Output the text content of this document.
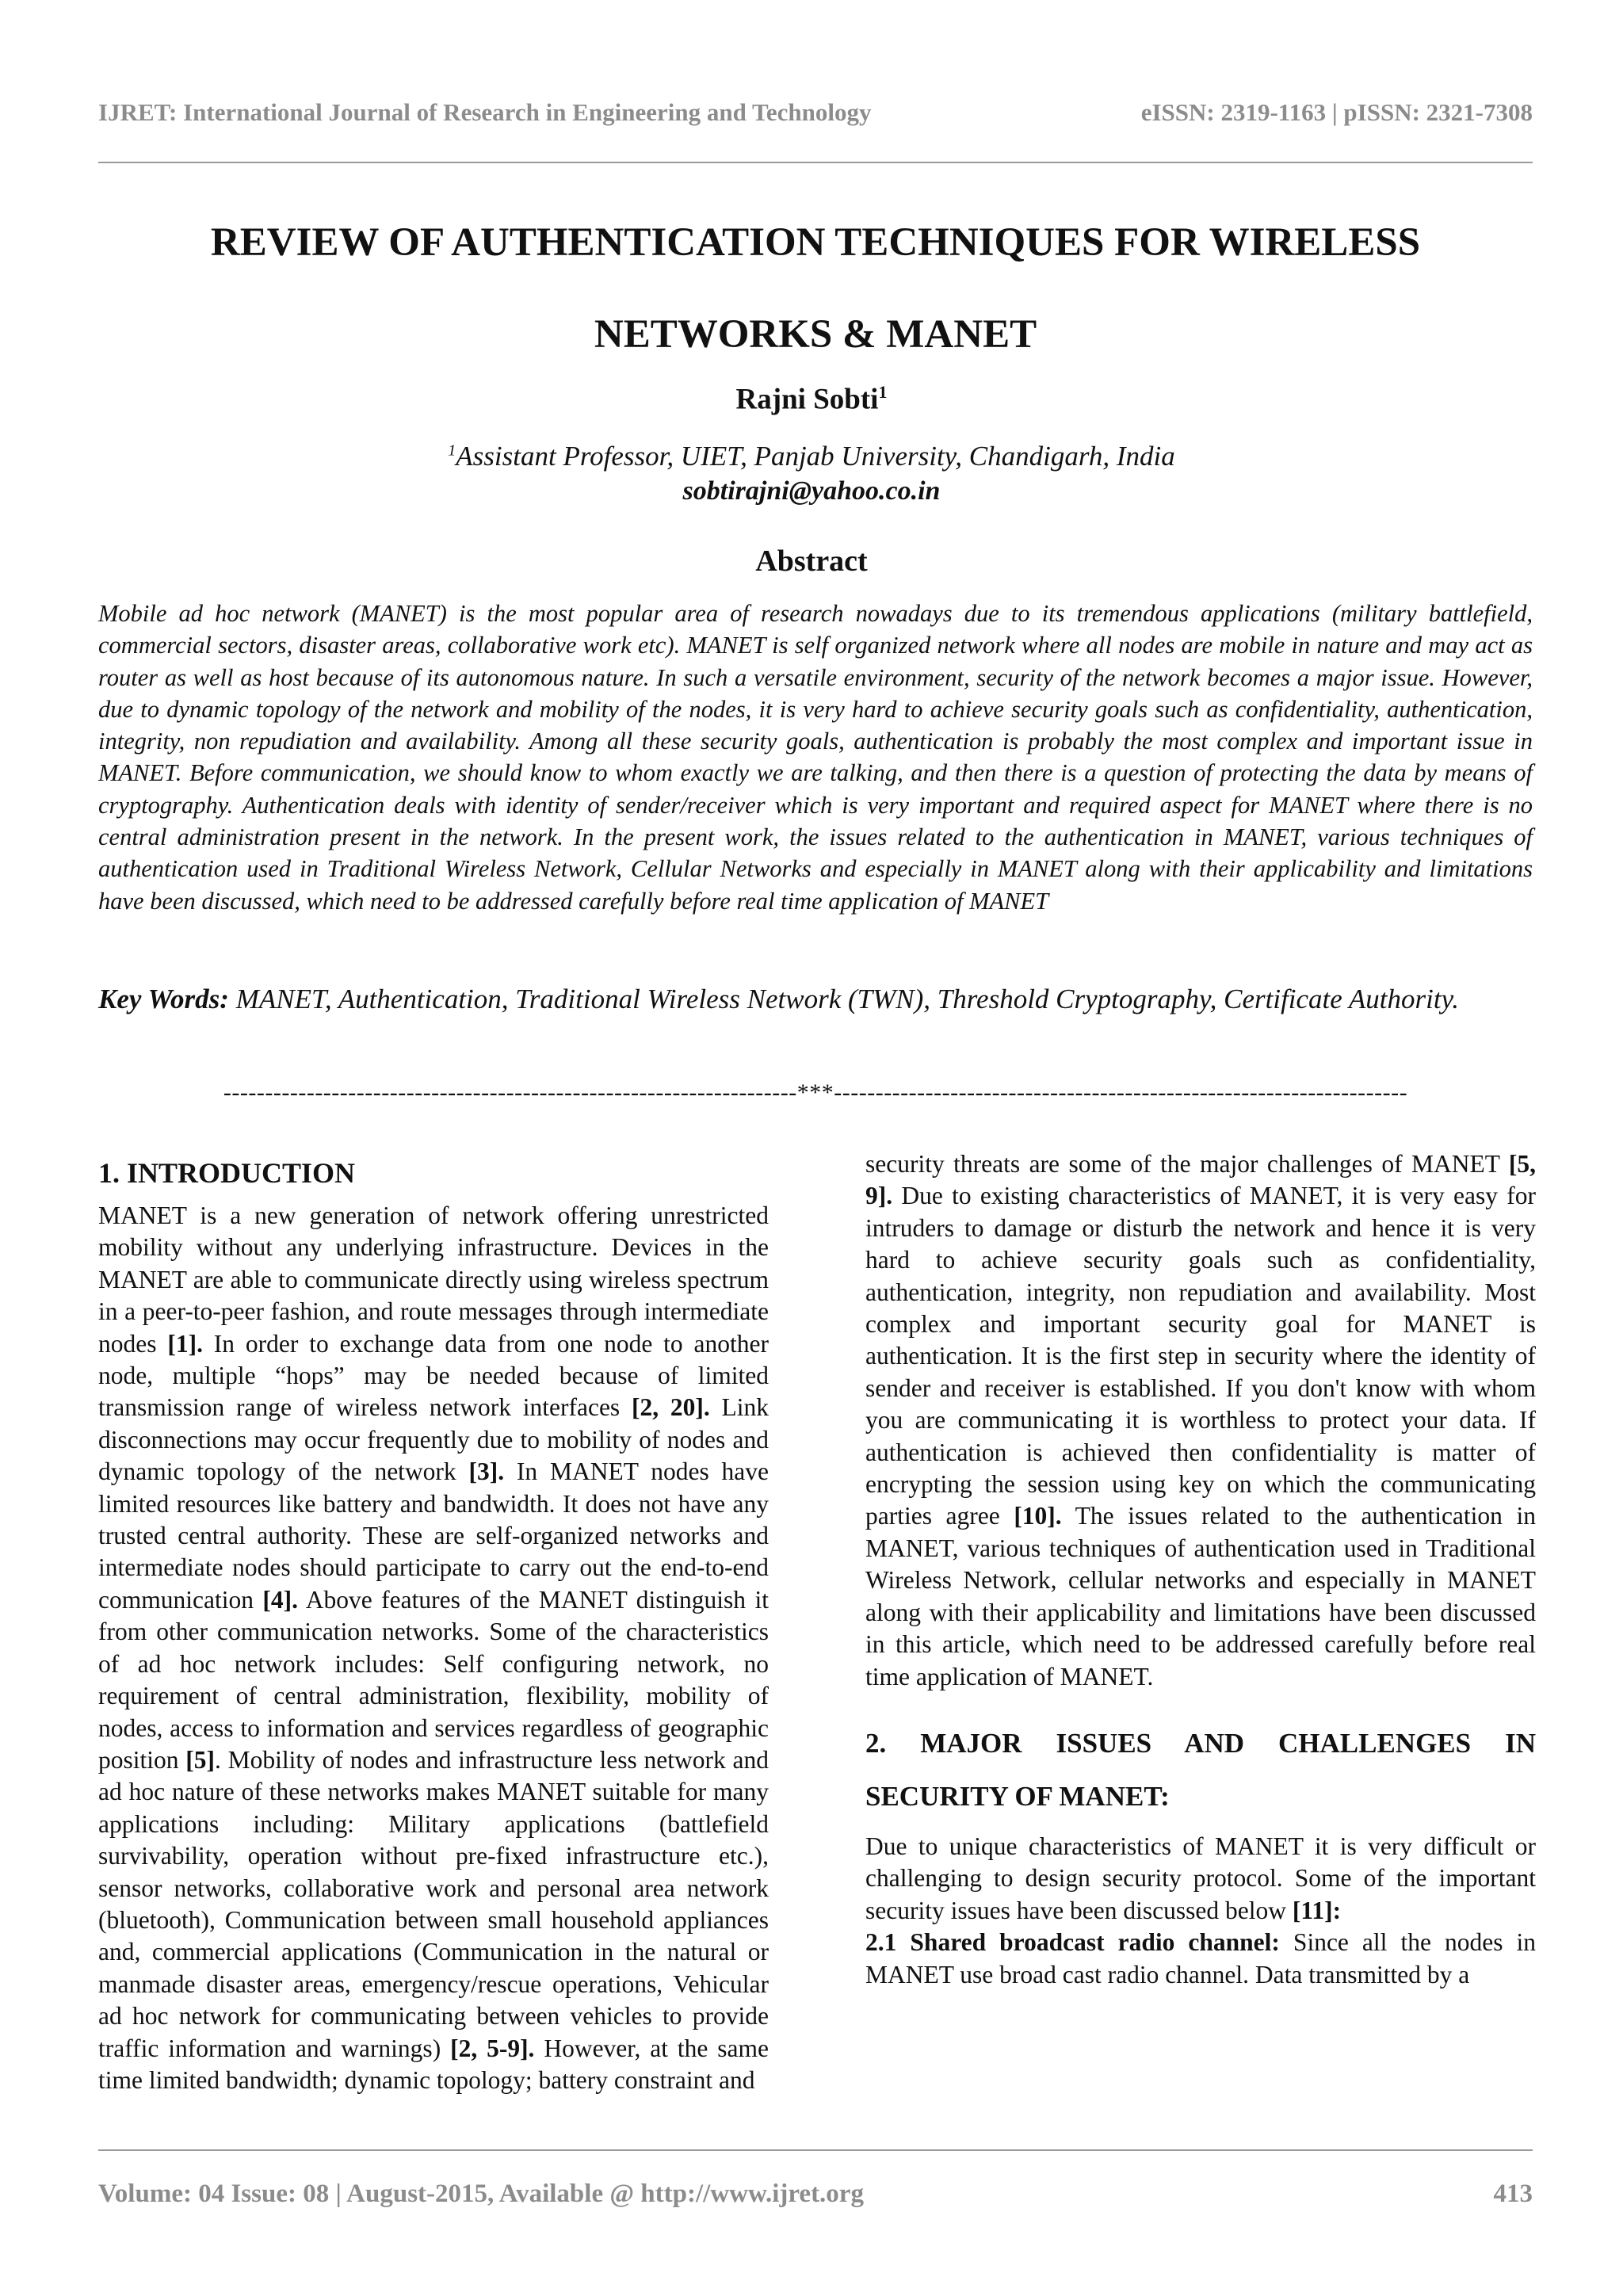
IJRET: International Journal of Research in Engineering and Technology	eISSN: 2319-1163 | pISSN: 2321-7308
REVIEW OF AUTHENTICATION TECHNIQUES FOR WIRELESS NETWORKS & MANET
Rajni Sobti$^1$
$^1$Assistant Professor, UIET, Panjab University, Chandigarh, India
sobtirajni@yahoo.co.in
Abstract
Mobile ad hoc network (MANET) is the most popular area of research nowadays due to its tremendous applications (military battlefield, commercial sectors, disaster areas, collaborative work etc). MANET is self organized network where all nodes are mobile in nature and may act as router as well as host because of its autonomous nature. In such a versatile environment, security of the network becomes a major issue. However, due to dynamic topology of the network and mobility of the nodes, it is very hard to achieve security goals such as confidentiality, authentication, integrity, non repudiation and availability. Among all these security goals, authentication is probably the most complex and important issue in MANET. Before communication, we should know to whom exactly we are talking, and then there is a question of protecting the data by means of cryptography. Authentication deals with identity of sender/receiver which is very important and required aspect for MANET where there is no central administration present in the network. In the present work, the issues related to the authentication in MANET, various techniques of authentication used in Traditional Wireless Network, Cellular Networks and especially in MANET along with their applicability and limitations have been discussed, which need to be addressed carefully before real time application of MANET
Key Words: MANET, Authentication, Traditional Wireless Network (TWN), Threshold Cryptography, Certificate Authority.
---------------------------------------------------------------------***---------------------------------------------------------------------
1. INTRODUCTION

MANET is a new generation of network offering unrestricted mobility without any underlying infrastructure. Devices in the MANET are able to communicate directly using wireless spectrum in a peer-to-peer fashion, and route messages through intermediate nodes [1]. In order to exchange data from one node to another node, multiple “hops” may be needed because of limited transmission range of wireless network interfaces [2, 20]. Link disconnections may occur frequently due to mobility of nodes and dynamic topology of the network [3]. In MANET nodes have limited resources like battery and bandwidth. It does not have any trusted central authority. These are self-organized networks and intermediate nodes should participate to carry out the end-to-end communication [4]. Above features of the MANET distinguish it from other communication networks. Some of the characteristics of ad hoc network includes: Self configuring network, no requirement of central administration, flexibility, mobility of nodes, access to information and services regardless of geographic position [5]. Mobility of nodes and infrastructure less network and ad hoc nature of these networks makes MANET suitable for many applications including: Military applications (battlefield survivability, operation without pre-fixed infrastructure etc.), sensor networks, collaborative work and personal area network (bluetooth), Communication between small household appliances and, commercial applications (Communication in the natural or manmade disaster areas, emergency/rescue operations, Vehicular ad hoc network for communicating between vehicles to provide traffic information and warnings) [2, 5-9]. However, at the same time limited bandwidth; dynamic topology; battery constraint and

security threats are some of the major challenges of MANET [5, 9]. Due to existing characteristics of MANET, it is very easy for intruders to damage or disturb the network and hence it is very hard to achieve security goals such as confidentiality, authentication, integrity, non repudiation and availability. Most complex and important security goal for MANET is authentication. It is the first step in security where the identity of sender and receiver is established. If you don't know with whom you are communicating it is worthless to protect your data. If authentication is achieved then confidentiality is matter of encrypting the session using key on which the communicating parties agree [10]. The issues related to the authentication in MANET, various techniques of authentication used in Traditional Wireless Network, cellular networks and especially in MANET along with their applicability and limitations have been discussed in this article, which need to be addressed carefully before real time application of MANET.

2. MAJOR ISSUES AND CHALLENGES IN SECURITY OF MANET:

Due to unique characteristics of MANET it is very difficult or challenging to design security protocol. Some of the important security issues have been discussed below [11]:

2.1 Shared broadcast radio channel: Since all the nodes in MANET use broad cast radio channel. Data transmitted by a

Volume: 04 Issue: 08 | August-2015, Available @ http://www.ijret.org	413
